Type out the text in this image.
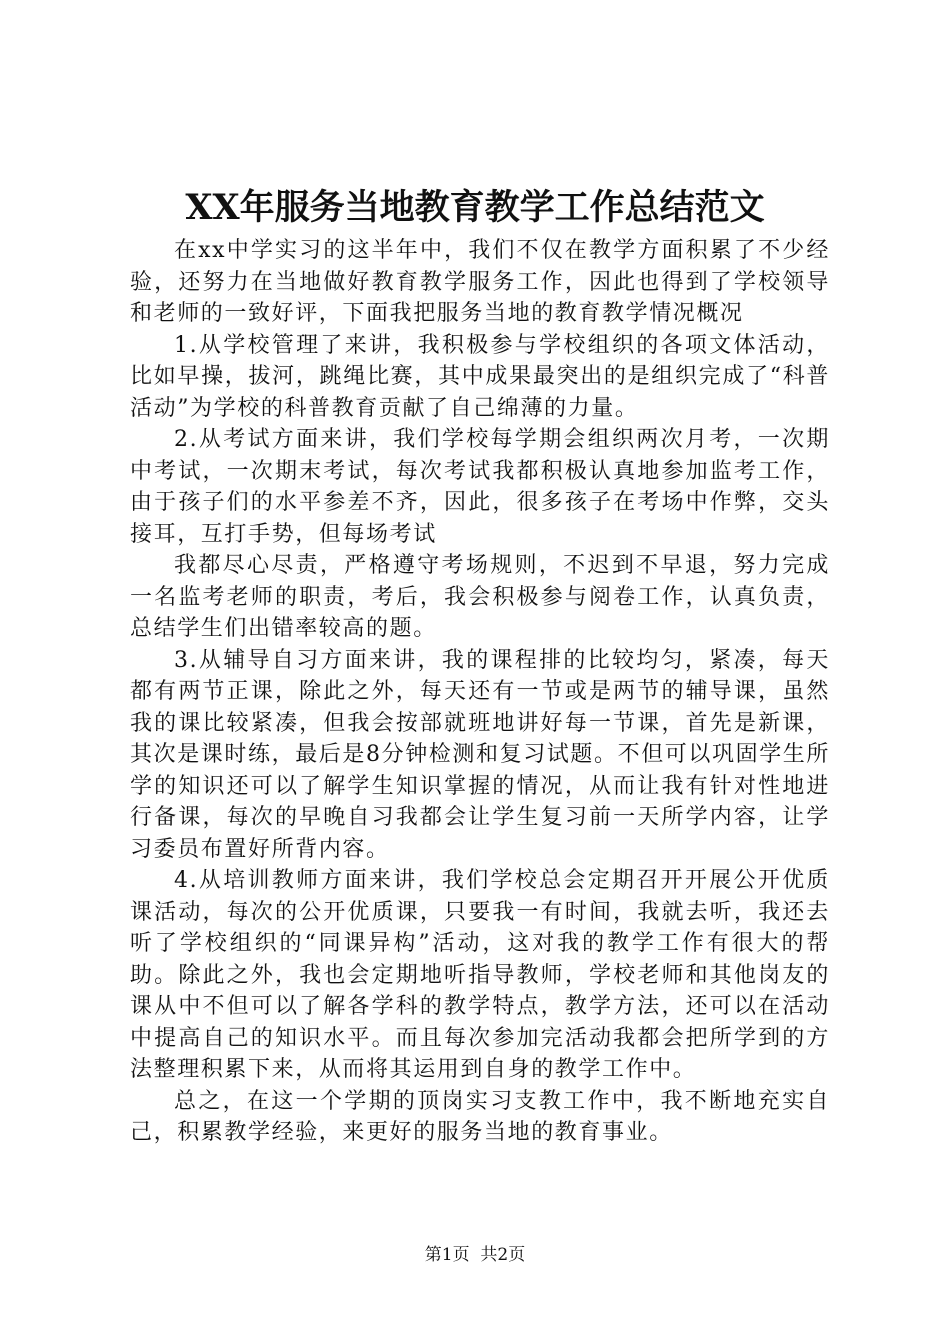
XX年服务当地教育教学工作总结范文

在xx中学实习的这半年中，我们不仅在教学方面积累了不少经验，还努力在当地做好教育教学服务工作，因此也得到了学校领导和老师的一致好评，下面我把服务当地的教育教学情况概况

1.从学校管理了来讲，我积极参与学校组织的各项文体活动，比如早操，拔河，跳绳比赛，其中成果最突出的是组织完成了“科普活动”为学校的科普教育贡献了自己绵薄的力量。

2.从考试方面来讲，我们学校每学期会组织两次月考，一次期中考试，一次期末考试，每次考试我都积极认真地参加监考工作，由于孩子们的水平参差不齐，因此，很多孩子在考场中作弊，交头接耳，互打手势，但每场考试

我都尽心尽责，严格遵守考场规则，不迟到不早退，努力完成一名监考老师的职责，考后，我会积极参与阅卷工作，认真负责，总结学生们出错率较高的题。

3.从辅导自习方面来讲，我的课程排的比较均匀，紧凑，每天都有两节正课，除此之外，每天还有一节或是两节的辅导课，虽然我的课比较紧凑，但我会按部就班地讲好每一节课，首先是新课，其次是课时练，最后是8分钟检测和复习试题。不但可以巩固学生所学的知识还可以了解学生知识掌握的情况，从而让我有针对性地进行备课，每次的早晚自习我都会让学生复习前一天所学内容，让学习委员布置好所背内容。

4.从培训教师方面来讲，我们学校总会定期召开开展公开优质课活动，每次的公开优质课，只要我一有时间，我就去听，我还去听了学校组织的“同课异构”活动，这对我的教学工作有很大的帮助。除此之外，我也会定期地听指导教师，学校老师和其他岗友的课从中不但可以了解各学科的教学特点，教学方法，还可以在活动中提高自己的知识水平。而且每次参加完活动我都会把所学到的方法整理积累下来，从而将其运用到自身的教学工作中。

总之，在这一个学期的顶岗实习支教工作中，我不断地充实自己，积累教学经验，来更好的服务当地的教育事业。

第1页  共2页
